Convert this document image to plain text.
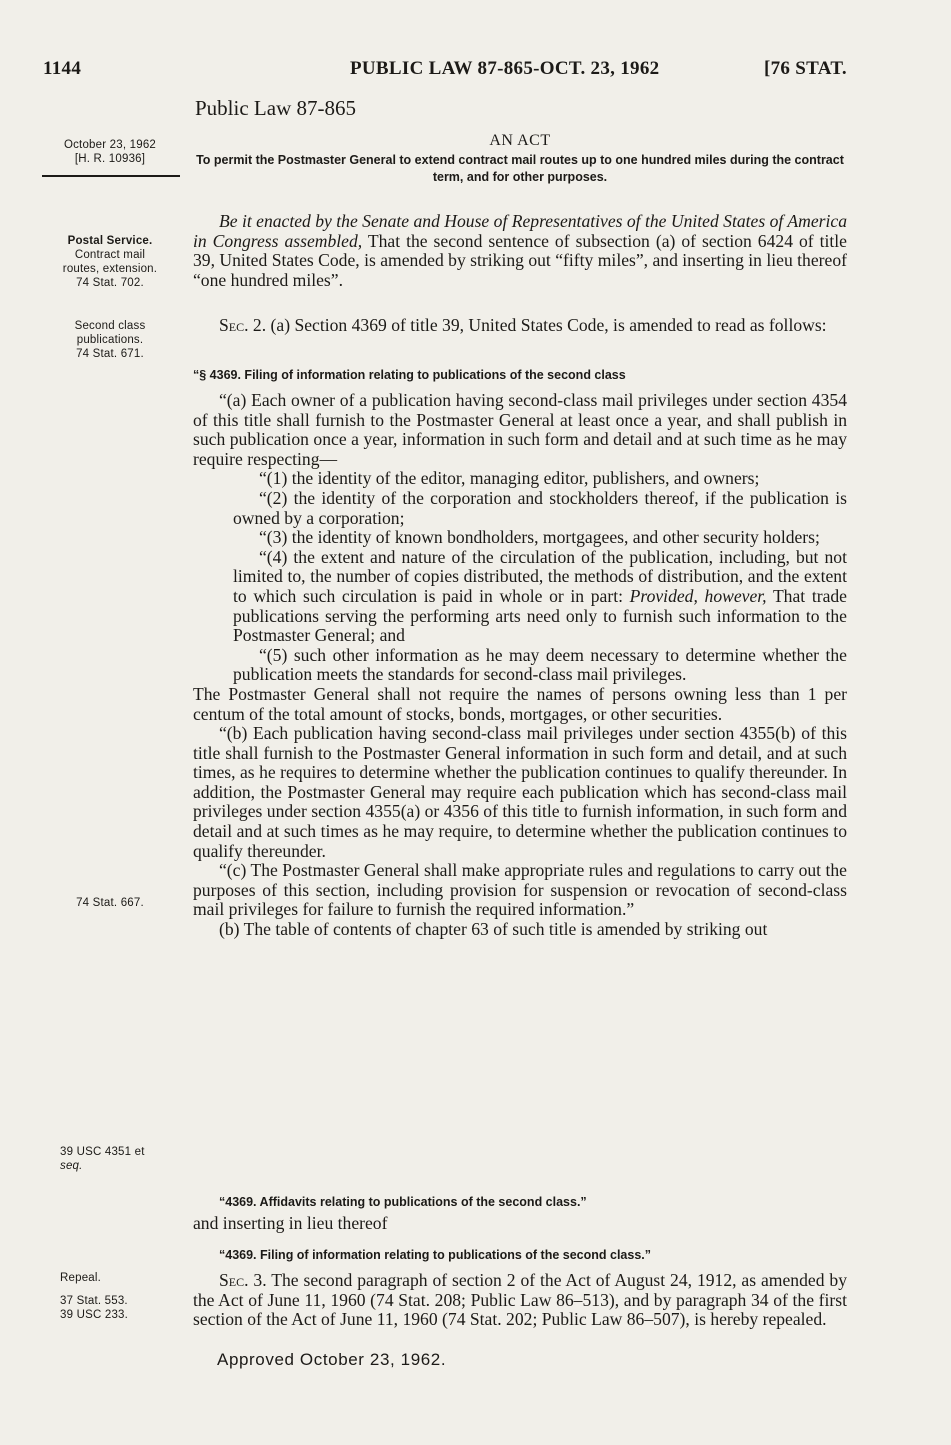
1144	PUBLIC LAW 87-865-OCT. 23, 1962	[76 STAT.
October 23, 1962
[H. R. 10936]
Postal Service.
Contract mail
routes, extension.
74 Stat. 702.
Second class
publications.
74 Stat. 671.
74 Stat. 667.
39 USC 4351 et
seq.
Repeal.
37 Stat. 553.
39 USC 233.
Public Law 87-865
AN ACT
To permit the Postmaster General to extend contract mail routes up to one hundred miles during the contract term, and for other purposes.

Be it enacted by the Senate and House of Representatives of the United States of America in Congress assembled, That the second sentence of subsection (a) of section 6424 of title 39, United States Code, is amended by striking out “fifty miles”, and inserting in lieu thereof “one hundred miles”.

Sec. 2. (a) Section 4369 of title 39, United States Code, is amended to read as follows:

“§ 4369. Filing of information relating to publications of the second class

“(a) Each owner of a publication having second-class mail privileges under section 4354 of this title shall furnish to the Postmaster General at least once a year, and shall publish in such publication once a year, information in such form and detail and at such time as he may require respecting—

“(1) the identity of the editor, managing editor, publishers, and owners;

“(2) the identity of the corporation and stockholders thereof, if the publication is owned by a corporation;

“(3) the identity of known bondholders, mortgagees, and other security holders;

“(4) the extent and nature of the circulation of the publication, including, but not limited to, the number of copies distributed, the methods of distribution, and the extent to which such circulation is paid in whole or in part: Provided, however, That trade publications serving the performing arts need only to furnish such information to the Postmaster General; and

“(5) such other information as he may deem necessary to determine whether the publication meets the standards for second-class mail privileges.

The Postmaster General shall not require the names of persons owning less than 1 per centum of the total amount of stocks, bonds, mortgages, or other securities.

“(b) Each publication having second-class mail privileges under section 4355(b) of this title shall furnish to the Postmaster General information in such form and detail, and at such times, as he requires to determine whether the publication continues to qualify thereunder. In addition, the Postmaster General may require each publication which has second-class mail privileges under section 4355(a) or 4356 of this title to furnish information, in such form and detail and at such times as he may require, to determine whether the publication continues to qualify thereunder.

“(c) The Postmaster General shall make appropriate rules and regulations to carry out the purposes of this section, including provision for suspension or revocation of second-class mail privileges for failure to furnish the required information.”

(b) The table of contents of chapter 63 of such title is amended by striking out

“4369. Affidavits relating to publications of the second class.”
and inserting in lieu thereof
“4369. Filing of information relating to publications of the second class.”

Sec. 3. The second paragraph of section 2 of the Act of August 24, 1912, as amended by the Act of June 11, 1960 (74 Stat. 208; Public Law 86–513), and by paragraph 34 of the first section of the Act of June 11, 1960 (74 Stat. 202; Public Law 86–507), is hereby repealed.

Approved October 23, 1962.
